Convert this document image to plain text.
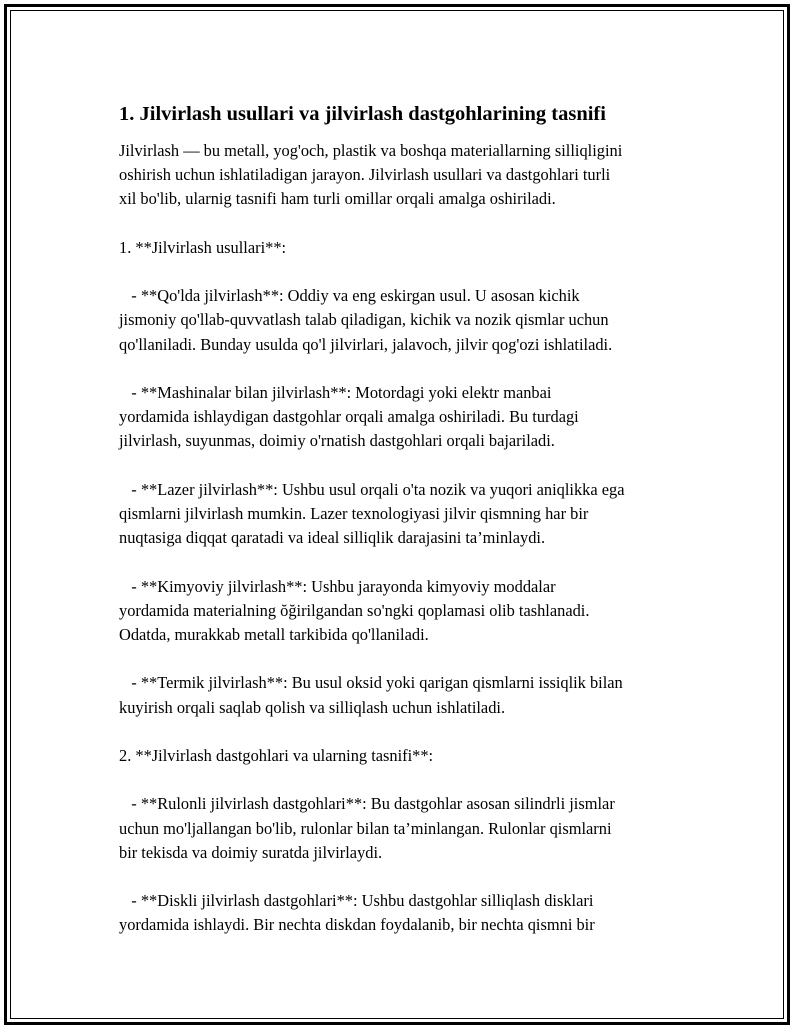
1. Jilvirlash usullari va jilvirlash dastgohlarining tasnifi

Jilvirlash — bu metall, yog'och, plastik va boshqa materiallarning silliqligini
oshirish uchun ishlatiladigan jarayon. Jilvirlash usullari va dastgohlari turli
xil bo'lib, ularnig tasnifi ham turli omillar orqali amalga oshiriladi.

1. **Jilvirlash usullari**:

- **Qo'lda jilvirlash**: Oddiy va eng eskirgan usul. U asosan kichik
jismoniy qo'llab-quvvatlash talab qiladigan, kichik va nozik qismlar uchun
qo'llaniladi. Bunday usulda qo'l jilvirlari, jalavoch, jilvir qog'ozi ishlatiladi.

- **Mashinalar bilan jilvirlash**: Motordagi yoki elektr manbai
yordamida ishlaydigan dastgohlar orqali amalga oshiriladi. Bu turdagi
jilvirlash, suyunmas, doimiy o'rnatish dastgohlari orqali bajariladi.

- **Lazer jilvirlash**: Ushbu usul orqali o'ta nozik va yuqori aniqlikka ega
qismlarni jilvirlash mumkin. Lazer texnologiyasi jilvir qismning har bir
nuqtasiga diqqat qaratadi va ideal silliqlik darajasini ta’minlaydi.

- **Kimyoviy jilvirlash**: Ushbu jarayonda kimyoviy moddalar
yordamida materialning ŏğirilgandan so'ngki qoplamasi olib tashlanadi.
Odatda, murakkab metall tarkibida qo'llaniladi.

- **Termik jilvirlash**: Bu usul oksid yoki qarigan qismlarni issiqlik bilan
kuyirish orqali saqlab qolish va silliqlash uchun ishlatiladi.

2. **Jilvirlash dastgohlari va ularning tasnifi**:

- **Rulonli jilvirlash dastgohlari**: Bu dastgohlar asosan silindrli jismlar
uchun mo'ljallangan bo'lib, rulonlar bilan ta’minlangan. Rulonlar qismlarni
bir tekisda va doimiy suratda jilvirlaydi.

- **Diskli jilvirlash dastgohlari**: Ushbu dastgohlar silliqlash disklari
yordamida ishlaydi. Bir nechta diskdan foydalanib, bir nechta qismni bir
